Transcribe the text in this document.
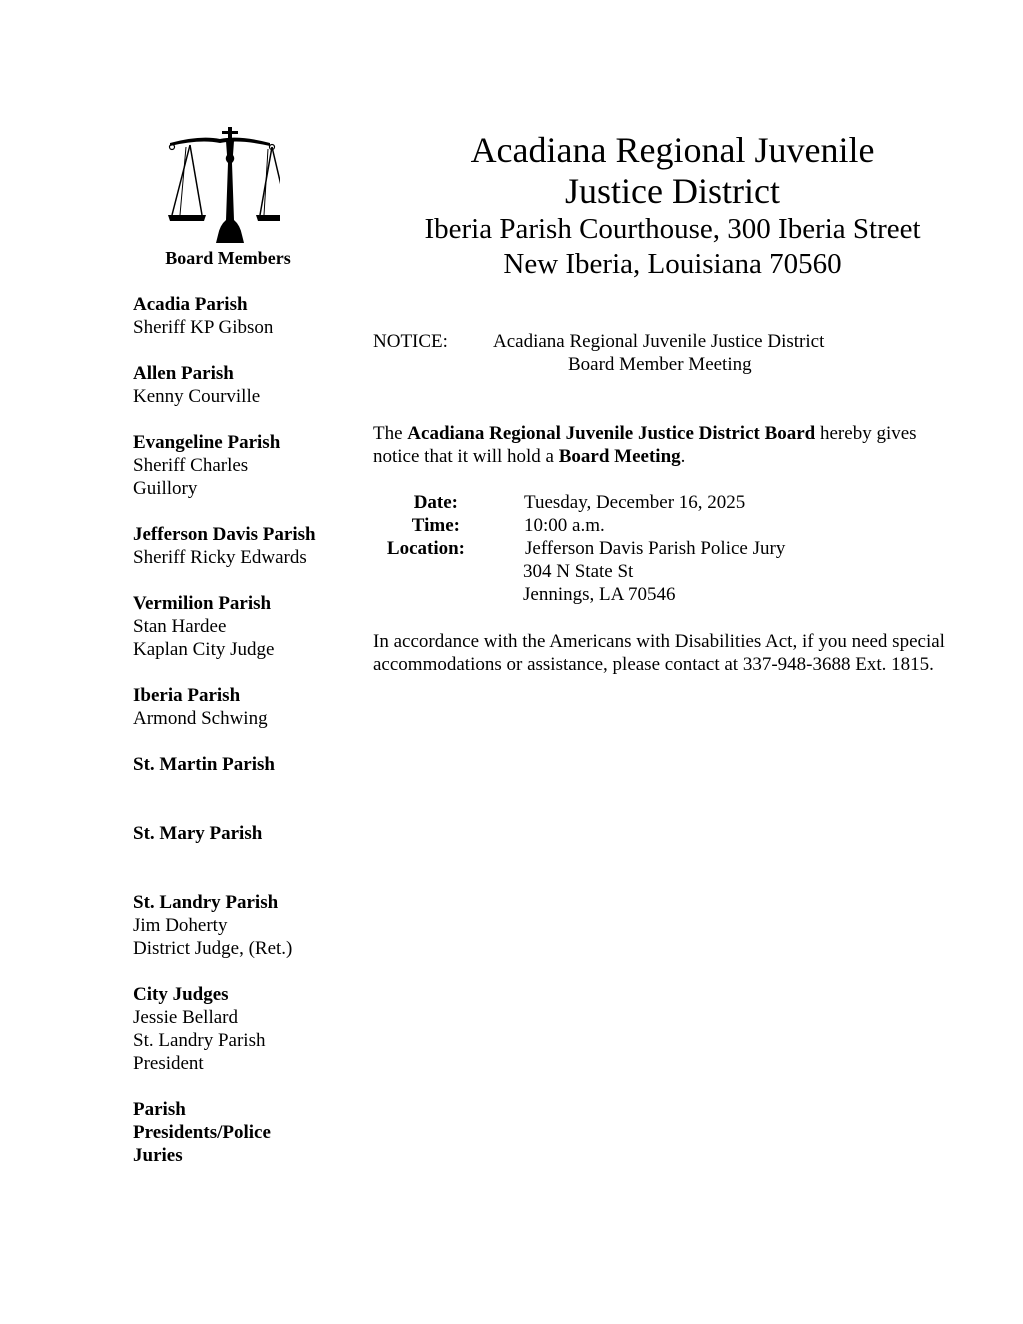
Board Members
Acadia Parish
Sheriff KP Gibson
Allen Parish
Kenny Courville
Evangeline Parish
Sheriff Charles
Guillory
Jefferson Davis Parish
Sheriff Ricky Edwards
Vermilion Parish
Stan Hardee
Kaplan City Judge
Iberia Parish
Armond Schwing
St. Martin Parish
St. Mary Parish
St. Landry Parish
Jim Doherty
District Judge, (Ret.)
City Judges
Jessie Bellard
St. Landry Parish
President
Parish
Presidents/Police
Juries
Acadiana Regional Juvenile
Justice District
Iberia Parish Courthouse, 300 Iberia Street
New Iberia, Louisiana 70560
NOTICE: Acadiana Regional Juvenile Justice District
Board Member Meeting
The Acadiana Regional Juvenile Justice District Board hereby gives notice that it will hold a Board Meeting.
Date:	Tuesday, December 16, 2025
Time:	10:00 a.m.
Location:	Jefferson Davis Parish Police Jury
304 N State St
Jennings, LA 70546
In accordance with the Americans with Disabilities Act, if you need special accommodations or assistance, please contact at 337-948-3688 Ext. 1815.
